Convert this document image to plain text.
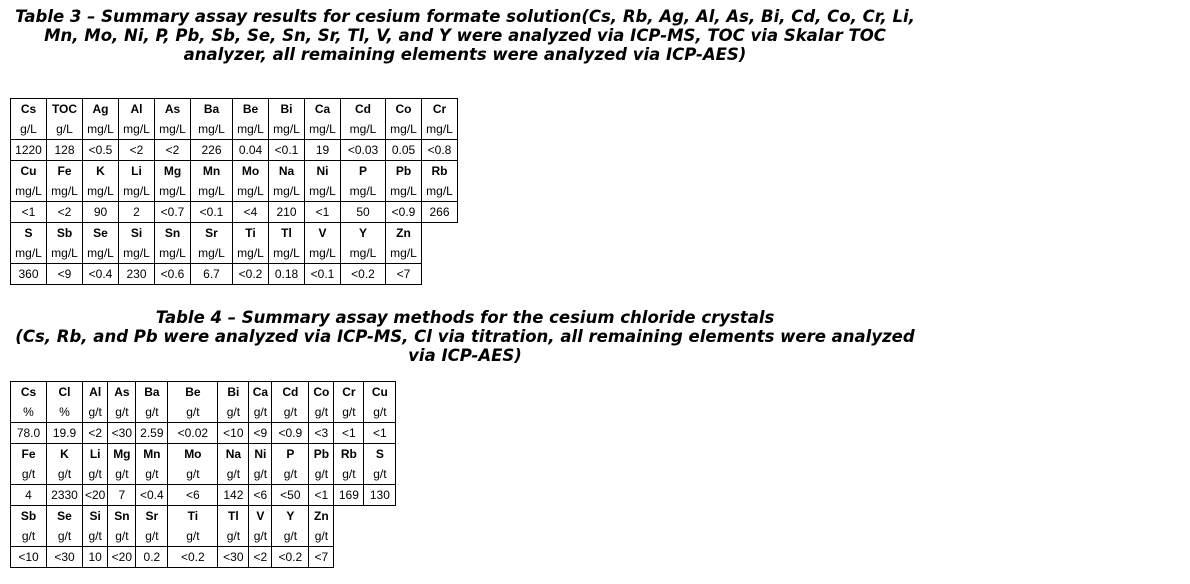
Table 3 – Summary assay results for cesium formate solution(Cs, Rb, Ag, Al, As, Bi, Cd, Co, Cr, Li,
Mn, Mo, Ni, P, Pb, Sb, Se, Sn, Sr, Tl, V, and Y were analyzed via ICP-MS, TOC via Skalar TOC
analyzer, all remaining elements were analyzed via ICP-AES)
Cs	TOC	Ag	Al	As	Ba	Be	Bi	Ca	Cd	Co	Cr
g/L	g/L	mg/L	mg/L	mg/L	mg/L	mg/L	mg/L	mg/L	mg/L	mg/L	mg/L
1220	128	<0.5	<2	<2	226	0.04	<0.1	19	<0.03	0.05	<0.8
Cu	Fe	K	Li	Mg	Mn	Mo	Na	Ni	P	Pb	Rb
mg/L	mg/L	mg/L	mg/L	mg/L	mg/L	mg/L	mg/L	mg/L	mg/L	mg/L	mg/L
<1	<2	90	2	<0.7	<0.1	<4	210	<1	50	<0.9	266
S	Sb	Se	Si	Sn	Sr	Ti	Tl	V	Y	Zn	
mg/L	mg/L	mg/L	mg/L	mg/L	mg/L	mg/L	mg/L	mg/L	mg/L	mg/L	
360	<9	<0.4	230	<0.6	6.7	<0.2	0.18	<0.1	<0.2	<7	
Table 4 – Summary assay methods for the cesium chloride crystals
(Cs, Rb, and Pb were analyzed via ICP-MS, Cl via titration, all remaining elements were analyzed
via ICP-AES)
Cs	Cl	Al	As	Ba	Be	Bi	Ca	Cd	Co	Cr	Cu
%	%	g/t	g/t	g/t	g/t	g/t	g/t	g/t	g/t	g/t	g/t
78.0	19.9	<2	<30	2.59	<0.02	<10	<9	<0.9	<3	<1	<1
Fe	K	Li	Mg	Mn	Mo	Na	Ni	P	Pb	Rb	S
g/t	g/t	g/t	g/t	g/t	g/t	g/t	g/t	g/t	g/t	g/t	g/t
4	2330	<20	7	<0.4	<6	142	<6	<50	<1	169	130
Sb	Se	Si	Sn	Sr	Ti	Tl	V	Y	Zn		
g/t	g/t	g/t	g/t	g/t	g/t	g/t	g/t	g/t	g/t		
<10	<30	10	<20	0.2	<0.2	<30	<2	<0.2	<7		
